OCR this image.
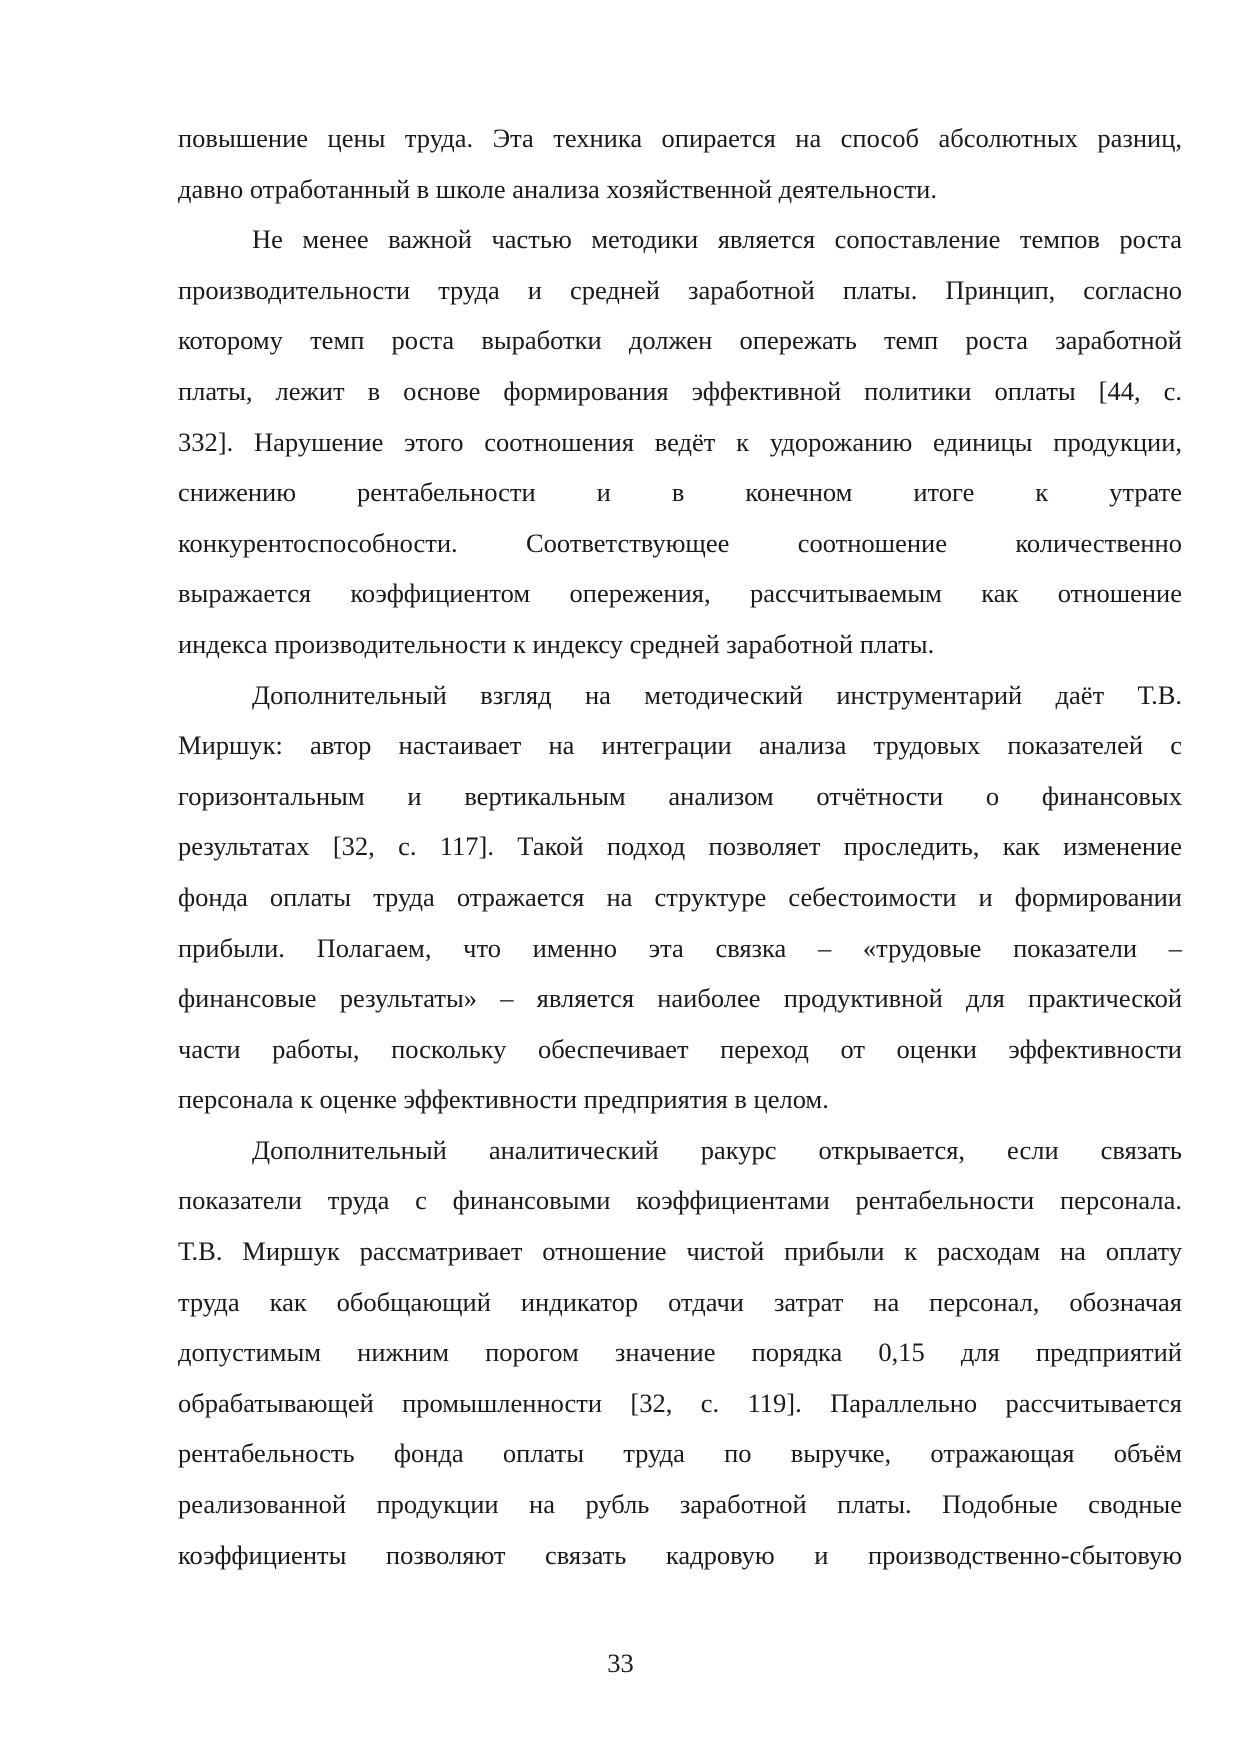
повышение цены труда. Эта техника опирается на способ абсолютных разниц,
давно отработанный в школе анализа хозяйственной деятельности.
Не менее важной частью методики является сопоставление темпов роста
производительности труда и средней заработной платы. Принцип, согласно
которому темп роста выработки должен опережать темп роста заработной
платы, лежит в основе формирования эффективной политики оплаты [44, с.
332]. Нарушение этого соотношения ведёт к удорожанию единицы продукции,
снижению рентабельности и в конечном итоге к утрате
конкурентоспособности. Соответствующее соотношение количественно
выражается коэффициентом опережения, рассчитываемым как отношение
индекса производительности к индексу средней заработной платы.
Дополнительный взгляд на методический инструментарий даёт Т.В.
Миршук: автор настаивает на интеграции анализа трудовых показателей с
горизонтальным и вертикальным анализом отчётности о финансовых
результатах [32, с. 117]. Такой подход позволяет проследить, как изменение
фонда оплаты труда отражается на структуре себестоимости и формировании
прибыли. Полагаем, что именно эта связка – «трудовые показатели –
финансовые результаты» – является наиболее продуктивной для практической
части работы, поскольку обеспечивает переход от оценки эффективности
персонала к оценке эффективности предприятия в целом.
Дополнительный аналитический ракурс открывается, если связать
показатели труда с финансовыми коэффициентами рентабельности персонала.
Т.В. Миршук рассматривает отношение чистой прибыли к расходам на оплату
труда как обобщающий индикатор отдачи затрат на персонал, обозначая
допустимым нижним порогом значение порядка 0,15 для предприятий
обрабатывающей промышленности [32, с. 119]. Параллельно рассчитывается
рентабельность фонда оплаты труда по выручке, отражающая объём
реализованной продукции на рубль заработной платы. Подобные сводные
коэффициенты позволяют связать кадровую и производственно-сбытовую
33
